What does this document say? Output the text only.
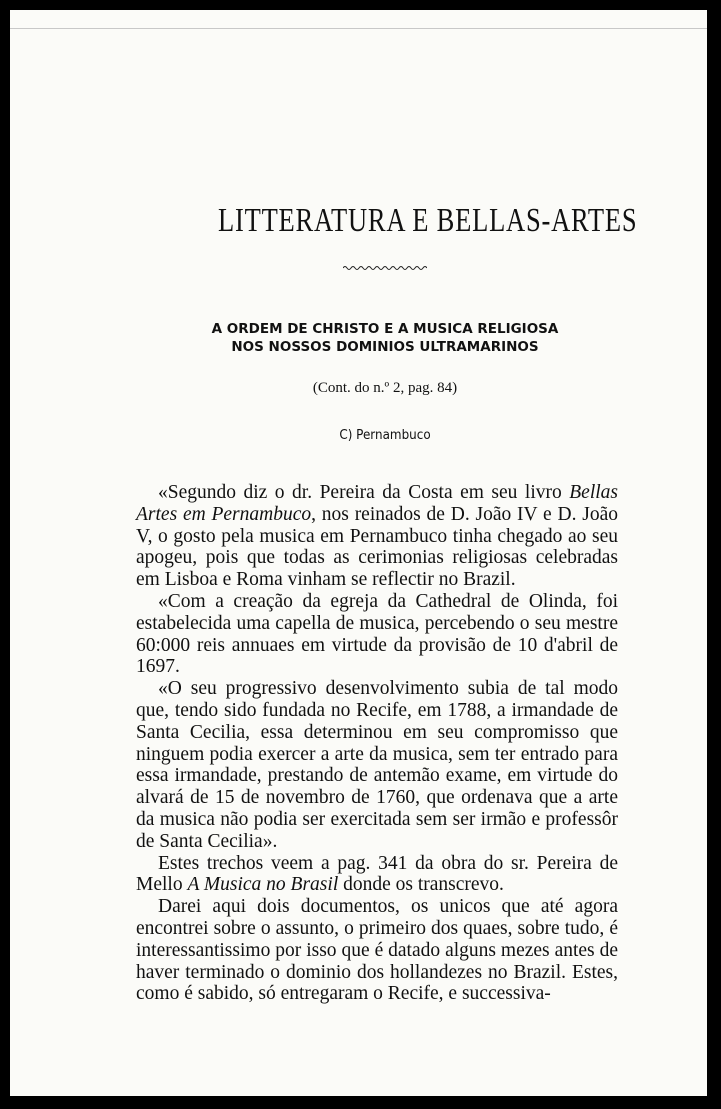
LITTERATURA E BELLAS-ARTES
A ORDEM DE CHRISTO E A MUSICA RELIGIOSA
NOS NOSSOS DOMINIOS ULTRAMARINOS
(Cont. do n.º 2, pag. 84)
C) Pernambuco

«Segundo diz o dr. Pereira da Costa em seu livro Bellas Artes em Pernambuco, nos reinados de D. João IV e D. João V, o gosto pela musica em Pernambuco tinha chegado ao seu apogeu, pois que todas as cerimonias religiosas celebradas em Lisboa e Roma vinham se reflectir no Brazil.

«Com a creação da egreja da Cathedral de Olinda, foi estabelecida uma capella de musica, percebendo o seu mestre 60:000 reis annuaes em virtude da provisão de 10 d'abril de 1697.

«O seu progressivo desenvolvimento subia de tal modo que, tendo sido fundada no Recife, em 1788, a irmandade de Santa Cecilia, essa determinou em seu compromisso que ninguem podia exercer a arte da musica, sem ter entrado para essa irmandade, prestando de antemão exame, em virtude do alvará de 15 de novembro de 1760, que ordenava que a arte da musica não podia ser exercitada sem ser irmão e professôr de Santa Cecilia».

Estes trechos veem a pag. 341 da obra do sr. Pereira de Mello A Musica no Brasil donde os transcrevo.

Darei aqui dois documentos, os unicos que até agora encontrei sobre o assunto, o primeiro dos quaes, sobre tudo, é interessantissimo por isso que é datado alguns mezes antes de haver terminado o dominio dos hollandezes no Brazil. Estes, como é sabido, só entregaram o Recife, e successiva-
